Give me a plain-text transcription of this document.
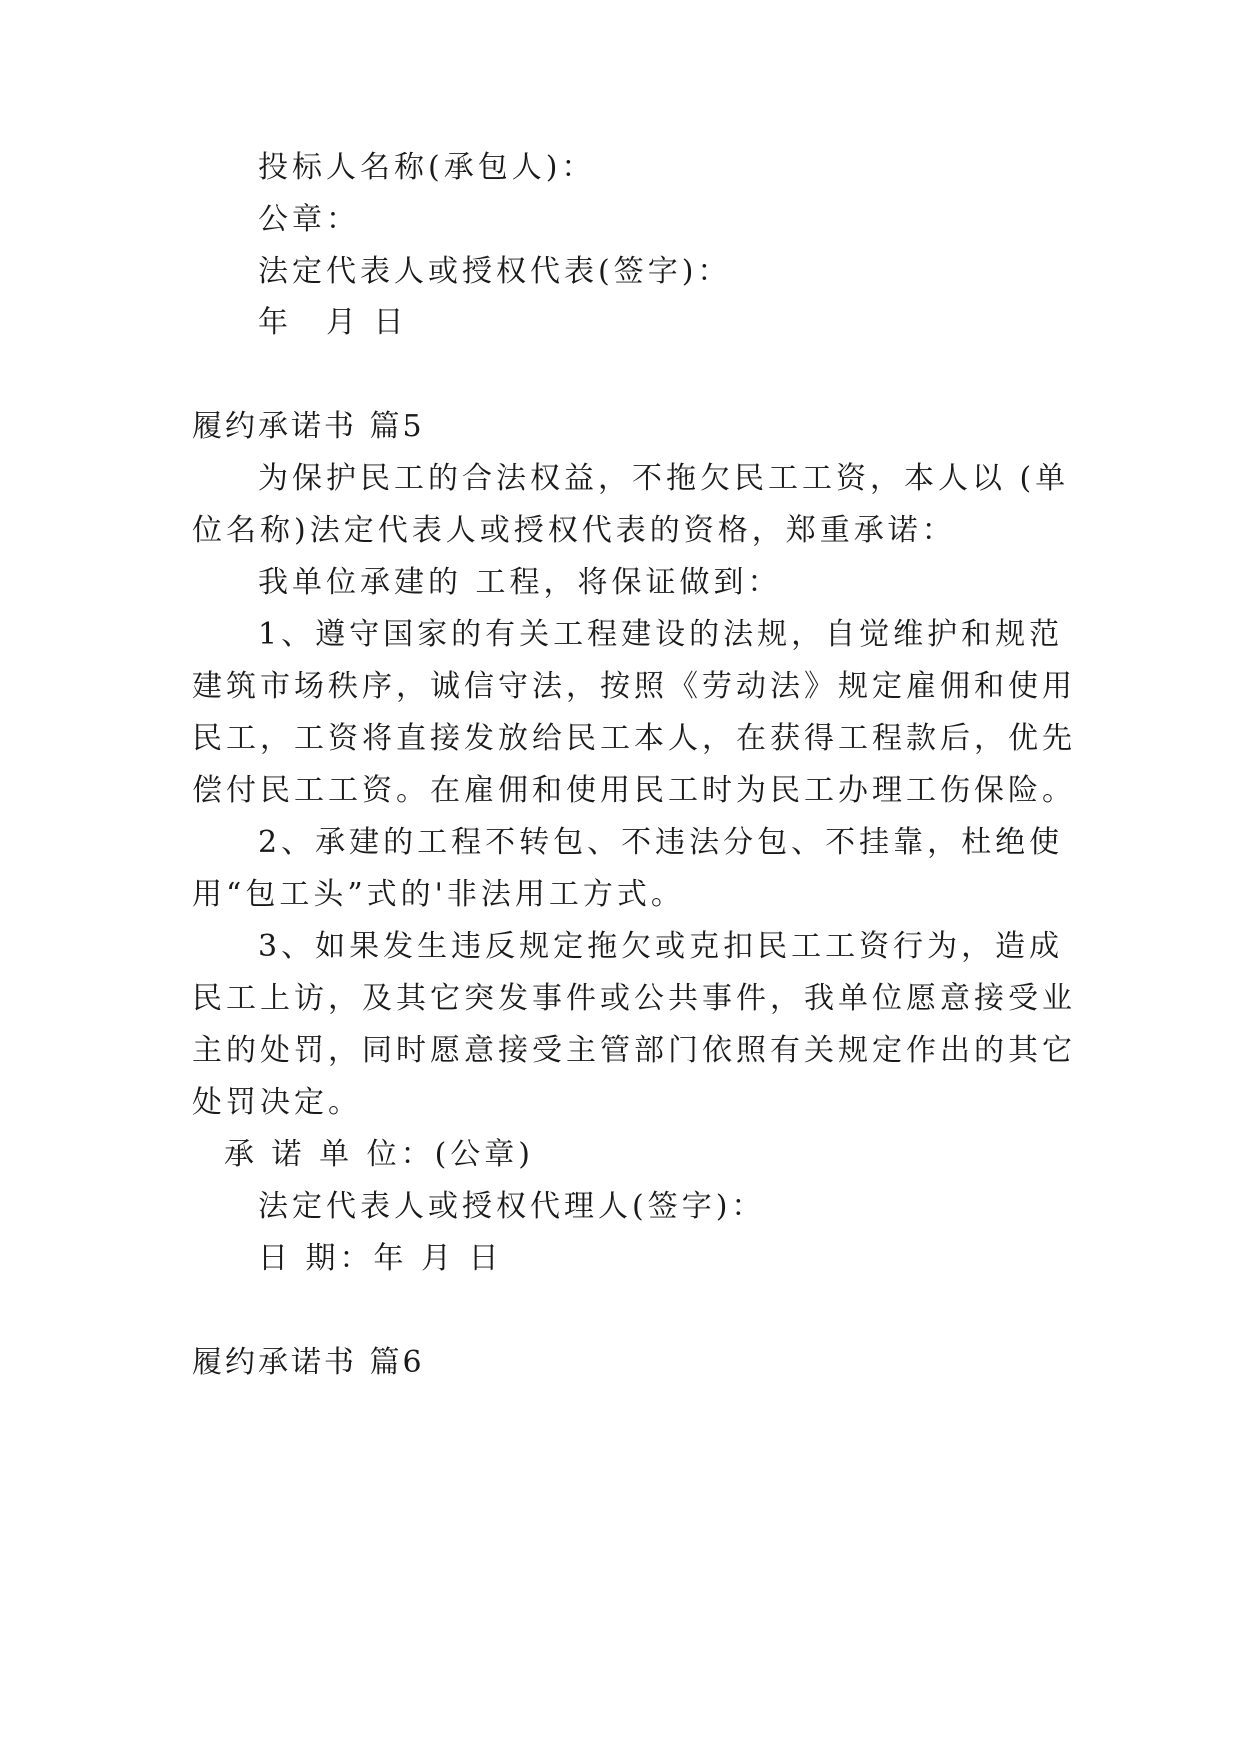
投标人名称(承包人)：
公章：
法定代表人或授权代表(签字)：
年　月 日
履约承诺书 篇5
为保护民工的合法权益，不拖欠民工工资，本人以 (单
位名称)法定代表人或授权代表的资格，郑重承诺：
我单位承建的 工程，将保证做到：
1、遵守国家的有关工程建设的法规，自觉维护和规范
建筑市场秩序，诚信守法，按照《劳动法》规定雇佣和使用
民工，工资将直接发放给民工本人，在获得工程款后，优先
偿付民工工资。在雇佣和使用民工时为民工办理工伤保险。
2、承建的工程不转包、不违法分包、不挂靠，杜绝使
用“包工头”式的'非法用工方式。
3、如果发生违反规定拖欠或克扣民工工资行为，造成
民工上访，及其它突发事件或公共事件，我单位愿意接受业
主的处罚，同时愿意接受主管部门依照有关规定作出的其它
处罚决定。
承 诺 单 位：(公章)
法定代表人或授权代理人(签字)：
日 期：年 月 日
履约承诺书 篇6
